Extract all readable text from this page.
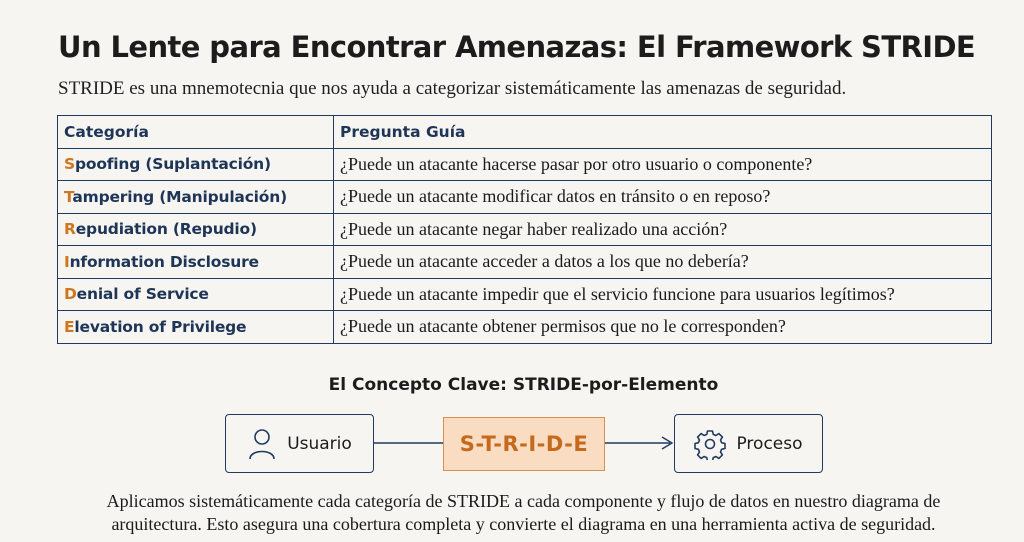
Un Lente para Encontrar Amenazas: El Framework STRIDE
STRIDE es una mnemotecnia que nos ayuda a categorizar sistemáticamente las amenazas de seguridad.
Categoría	Pregunta Guía
Spoofing (Suplantación)	¿Puede un atacante hacerse pasar por otro usuario o componente?
Tampering (Manipulación)	¿Puede un atacante modificar datos en tránsito o en reposo?
Repudiation (Repudio)	¿Puede un atacante negar haber realizado una acción?
Information Disclosure	¿Puede un atacante acceder a datos a los que no debería?
Denial of Service	¿Puede un atacante impedir que el servicio funcione para usuarios legítimos?
Elevation of Privilege	¿Puede un atacante obtener permisos que no le corresponden?
El Concepto Clave: STRIDE-por-Elemento
Usuario	S-T-R-I-D-E	Proceso
Aplicamos sistemáticamente cada categoría de STRIDE a cada componente y flujo de datos en nuestro diagrama de
arquitectura. Esto asegura una cobertura completa y convierte el diagrama en una herramienta activa de seguridad.
